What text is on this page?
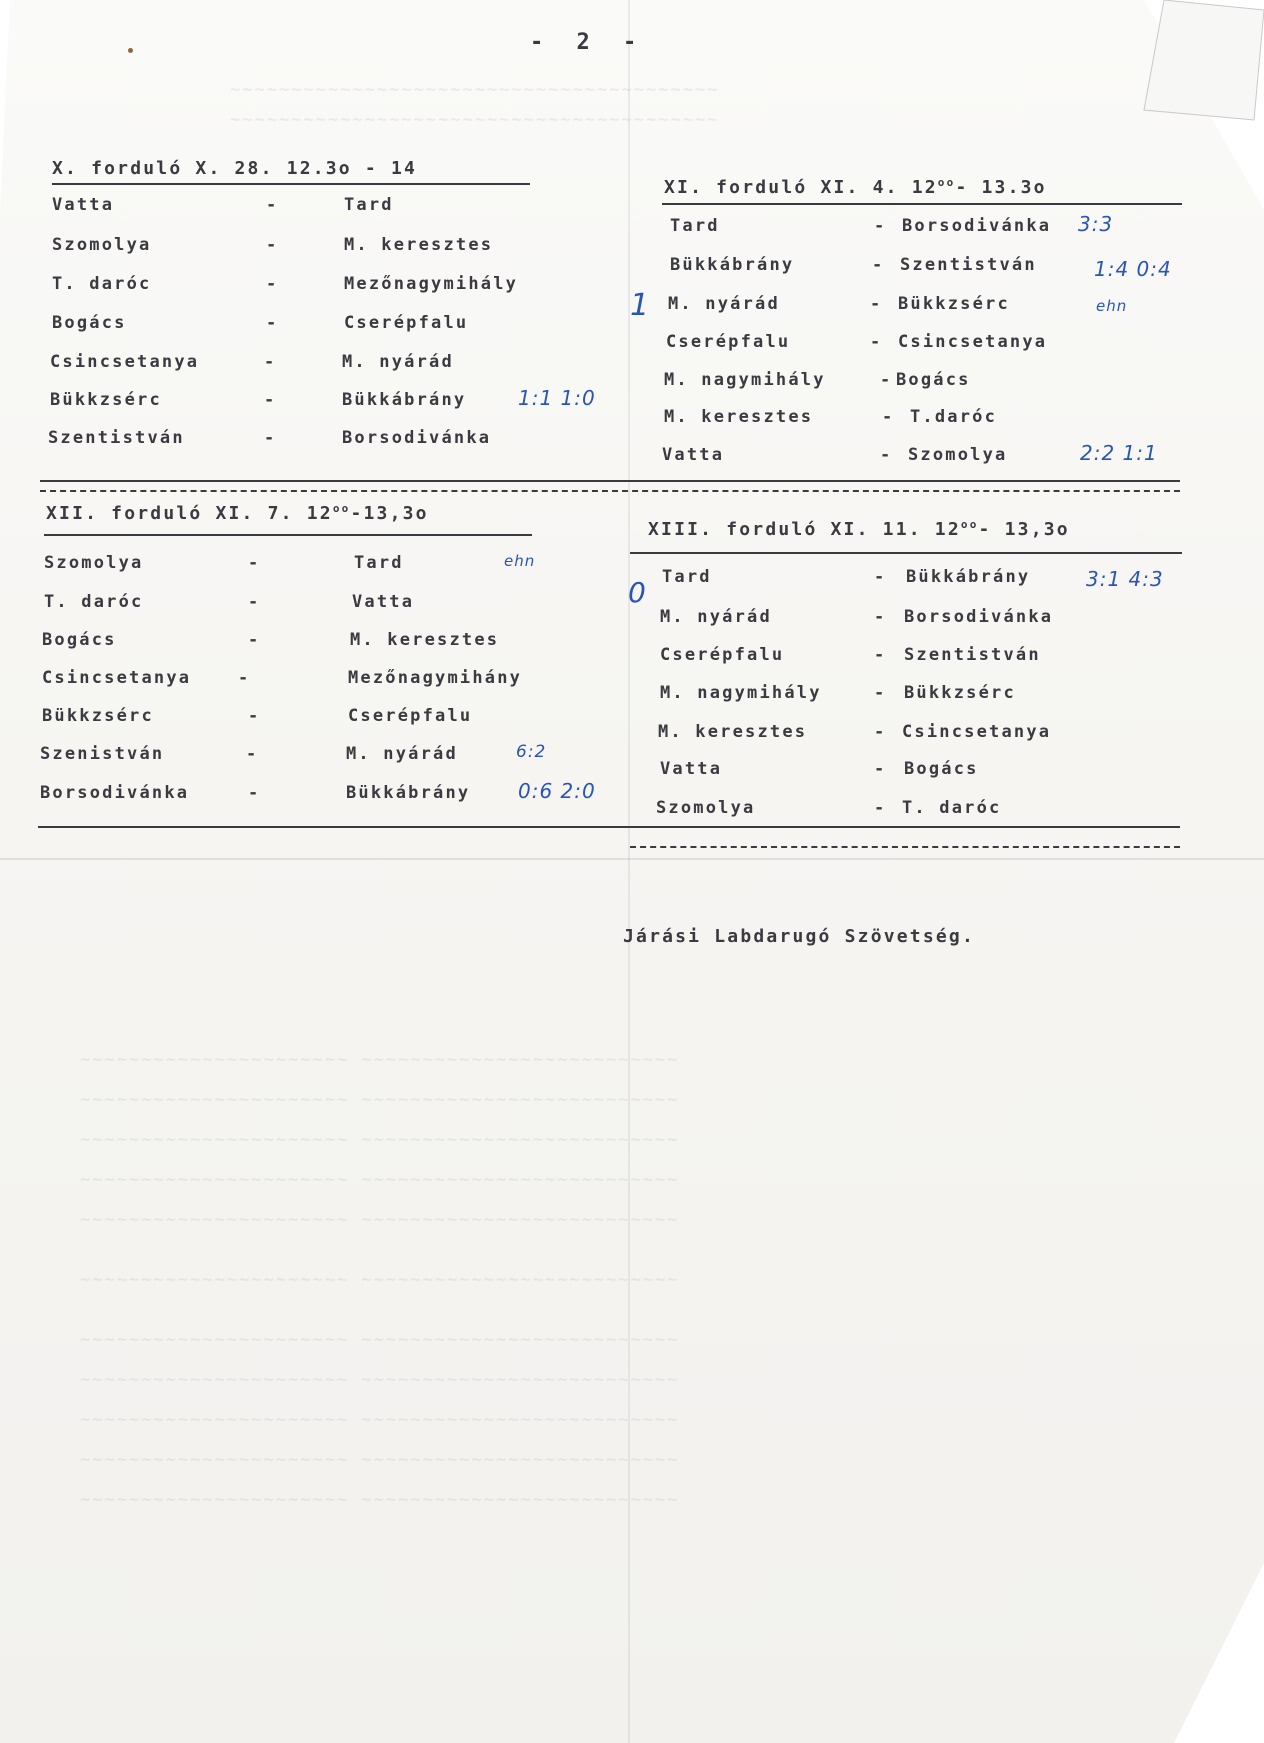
~~~~~~~~~~~~~~~~~~~~~~~~~~~~~~~~~~~~~~~~
~~~~~~~~~~~~~~~~~~~~~~~~~~~~~~~~~~~~~~~~
~~~~~~~~~~~~~~~~~~~~~~ ~~~~~~~~~~~~~~~~~~~~~~~~~~
~~~~~~~~~~~~~~~~~~~~~~ ~~~~~~~~~~~~~~~~~~~~~~~~~~
~~~~~~~~~~~~~~~~~~~~~~ ~~~~~~~~~~~~~~~~~~~~~~~~~~
~~~~~~~~~~~~~~~~~~~~~~ ~~~~~~~~~~~~~~~~~~~~~~~~~~
~~~~~~~~~~~~~~~~~~~~~~ ~~~~~~~~~~~~~~~~~~~~~~~~~~
~~~~~~~~~~~~~~~~~~~~~~ ~~~~~~~~~~~~~~~~~~~~~~~~~~
~~~~~~~~~~~~~~~~~~~~~~ ~~~~~~~~~~~~~~~~~~~~~~~~~~
~~~~~~~~~~~~~~~~~~~~~~ ~~~~~~~~~~~~~~~~~~~~~~~~~~
~~~~~~~~~~~~~~~~~~~~~~ ~~~~~~~~~~~~~~~~~~~~~~~~~~
~~~~~~~~~~~~~~~~~~~~~~ ~~~~~~~~~~~~~~~~~~~~~~~~~~
~~~~~~~~~~~~~~~~~~~~~~ ~~~~~~~~~~~~~~~~~~~~~~~~~~
- 2 -
X. forduló X. 28. 12.3o - 14
Vatta	-	Tard
Szomolya	-	M. keresztes
T. daróc	-	Mezőnagymihály
Bogács	-	Cserépfalu
Csincsetanya	-	M. nyárád
Bükkzsérc	-	Bükkábrány	1:1 1:0
Szentistván	-	Borsodivánka
1
XI. forduló XI. 4. $12^{oo}-$ 13.3o
Tard	- Borsodivánka 3:3
Bükkábrány	- Szentistván	1:4 0:4
M. nyárád	- Bükkzsérc	ehn
Cserépfalu	- Csincsetanya
M. nagymihály	- Bogács
M. keresztes	- T.daróc
Vatta	- Szomolya	2:2 1:1
XII. forduló XI. 7. $12^{oo}-13,3o$
Szomolya	-	Tard	ehn
T. daróc	-	Vatta
Bogács	-	M. keresztes
Csincsetanya	-	Mezőnagymihány
Bükkzsérc	-	Cserépfalu
Szenistván	-	M. nyárád	6:2
Borsodivánka	-	Bükkábrány 0:6 2:0
0
XIII. forduló XI. 11. $12^{oo}-$ 13,3o
Tard	- Bükkábrány	3:1 4:3
M. nyárád	- Borsodivánka
Cserépfalu	- Szentistván
M. nagymihály	- Bükkzsérc
M. keresztes	- Csincsetanya
Vatta	- Bogács
Szomolya	- T. daróc
Járási Labdarugó Szövetség.
